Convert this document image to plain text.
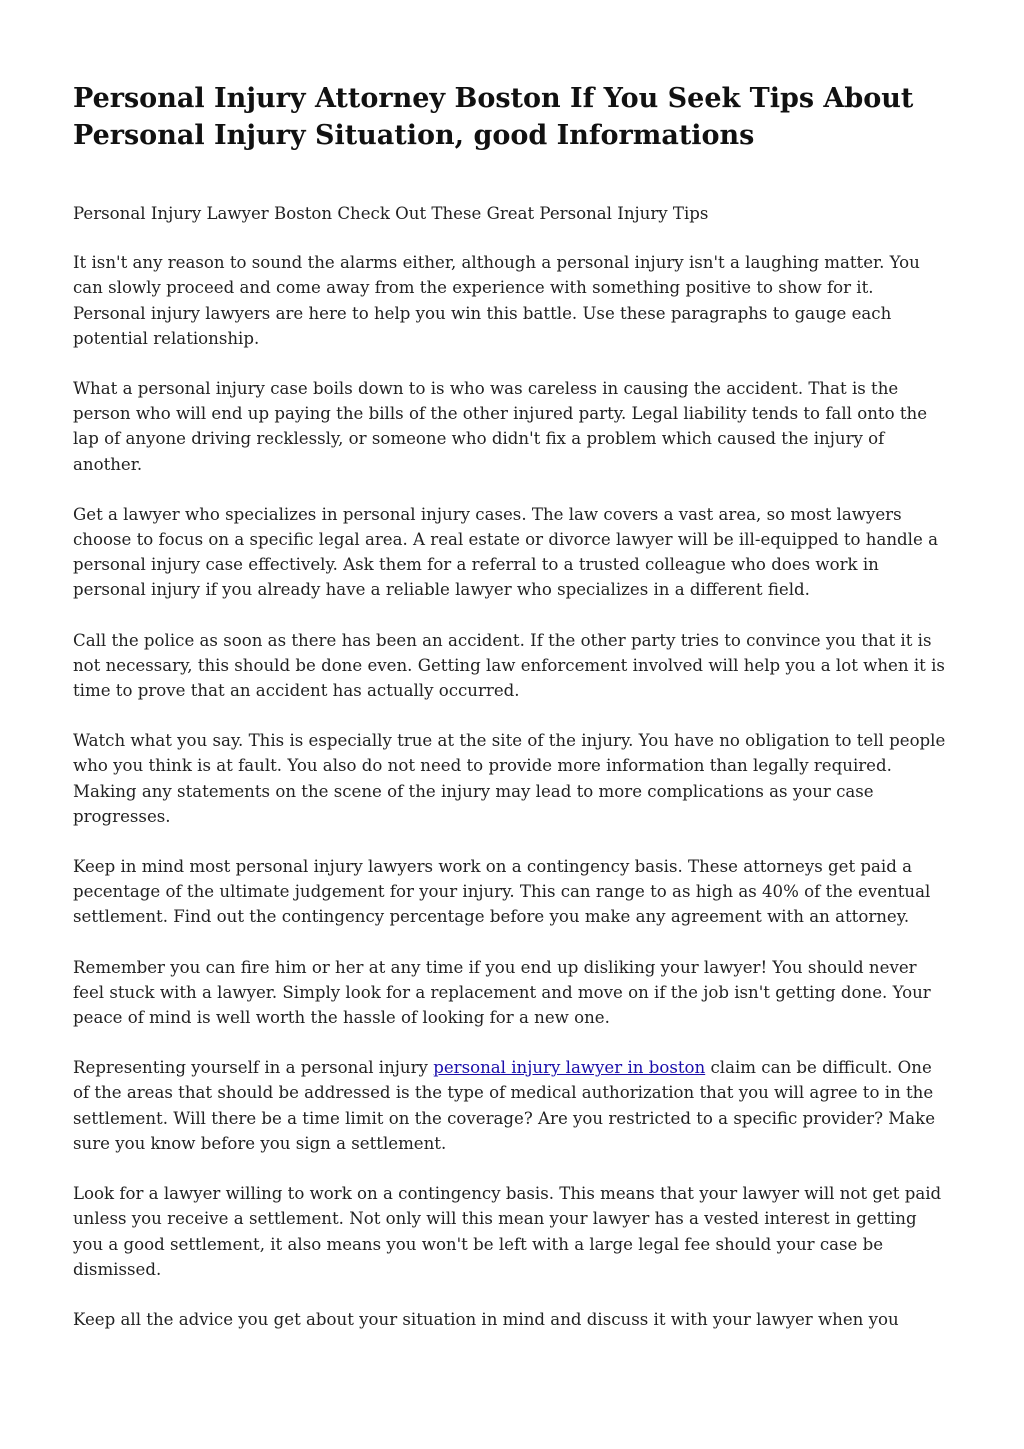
Personal Injury Attorney Boston If You Seek Tips About Personal Injury Situation, good Informations

Personal Injury Lawyer Boston Check Out These Great Personal Injury Tips

It isn't any reason to sound the alarms either, although a personal injury isn't a laughing matter. You can slowly proceed and come away from the experience with something positive to show for it. Personal injury lawyers are here to help you win this battle. Use these paragraphs to gauge each potential relationship.

What a personal injury case boils down to is who was careless in causing the accident. That is the person who will end up paying the bills of the other injured party. Legal liability tends to fall onto the lap of anyone driving recklessly, or someone who didn't fix a problem which caused the injury of another.

Get a lawyer who specializes in personal injury cases. The law covers a vast area, so most lawyers choose to focus on a specific legal area. A real estate or divorce lawyer will be ill-equipped to handle a personal injury case effectively. Ask them for a referral to a trusted colleague who does work in personal injury if you already have a reliable lawyer who specializes in a different field.

Call the police as soon as there has been an accident. If the other party tries to convince you that it is not necessary, this should be done even. Getting law enforcement involved will help you a lot when it is time to prove that an accident has actually occurred.

Watch what you say. This is especially true at the site of the injury. You have no obligation to tell people who you think is at fault. You also do not need to provide more information than legally required. Making any statements on the scene of the injury may lead to more complications as your case progresses.

Keep in mind most personal injury lawyers work on a contingency basis. These attorneys get paid a pecentage of the ultimate judgement for your injury. This can range to as high as 40% of the eventual settlement. Find out the contingency percentage before you make any agreement with an attorney.

Remember you can fire him or her at any time if you end up disliking your lawyer! You should never feel stuck with a lawyer. Simply look for a replacement and move on if the job isn't getting done. Your peace of mind is well worth the hassle of looking for a new one.

Representing yourself in a personal injury personal injury lawyer in boston claim can be difficult. One of the areas that should be addressed is the type of medical authorization that you will agree to in the settlement. Will there be a time limit on the coverage? Are you restricted to a specific provider? Make sure you know before you sign a settlement.

Look for a lawyer willing to work on a contingency basis. This means that your lawyer will not get paid unless you receive a settlement. Not only will this mean your lawyer has a vested interest in getting you a good settlement, it also means you won't be left with a large legal fee should your case be dismissed.

Keep all the advice you get about your situation in mind and discuss it with your lawyer when you
